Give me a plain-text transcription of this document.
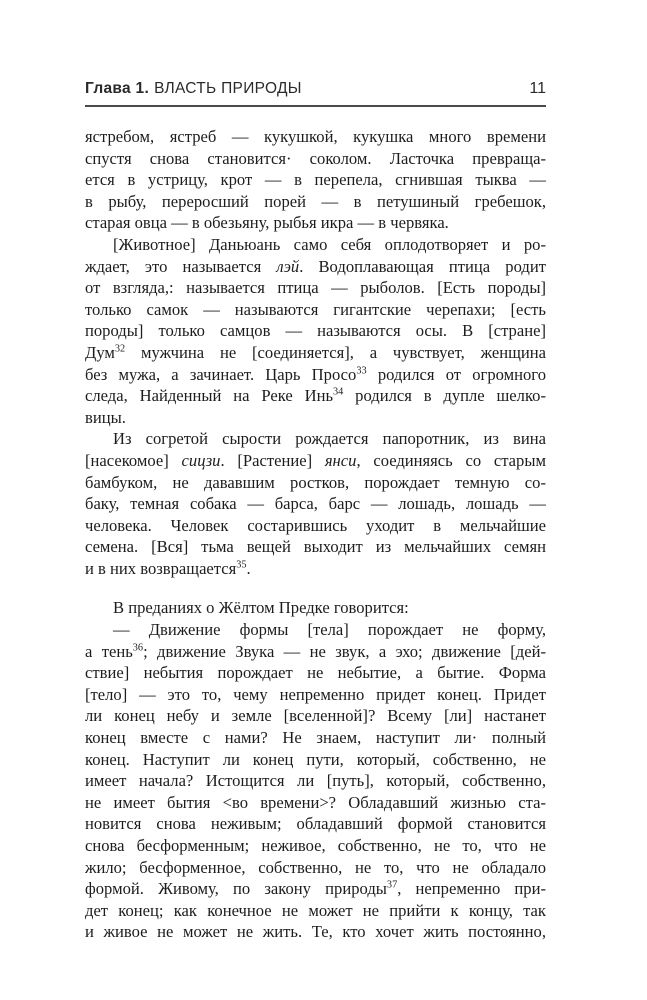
Глава 1. ВЛАСТЬ ПРИРОДЫ	11
ястребом, ястреб — кукушкой, кукушка много времени
спустя снова становится· соколом. Ласточка превраща-
ется в устрицу, крот — в перепела, сгнившая тыква —
в рыбу, переросший порей — в петушиный гребешок,
старая овца — в обезьяну, рыбья икра — в червяка.
[Животное] Даньюань само себя оплодотворяет и ро-
ждает, это называется лэй. Водоплавающая птица родит
от взгляда,: называется птица — рыболов. [Есть породы]
только самок — называются гигантские черепахи; [есть
породы] только самцов — называются осы. В [стране]
Дум$^{32}$ мужчина не [соединяется], а чувствует, женщина
без мужа, а зачинает. Царь Просо$^{33}$ родился от огромного
следа, Найденный на Реке Инь$^{34}$ родился в дупле шелко-
вицы.
Из согретой сырости рождается папоротник, из вина
[насекомое] сицзи. [Растение] янси, соединяясь со старым
бамбуком, не дававшим ростков, порождает темную со-
баку, темная собака — барса, барс — лошадь, лошадь —
человека. Человек состарившись уходит в мельчайшие
семена. [Вся] тьма вещей выходит из мельчайших семян
и в них возвращается$^{35}$.
В преданиях о Жёлтом Предке говорится:
— Движение формы [тела] порождает не форму,
а тень$^{36}$; движение Звука — не звук, а эхо; движение [дей-
ствие] небытия порождает не небытие, а бытие. Форма
[тело] — это то, чему непременно придет конец. Придет
ли конец небу и земле [вселенной]? Всему [ли] настанет
конец вместе с нами? Не знаем, наступит ли· полный
конец. Наступит ли конец пути, который, собственно, не
имеет начала? Истощится ли [путь], который, собственно,
не имеет бытия <во времени>? Обладавший жизнью ста-
новится снова неживым; обладавший формой становится
снова бесформенным; неживое, собственно, не то, что не
жило; бесформенное, собственно, не то, что не обладало
формой. Живому, по закону природы$^{37}$, непременно при-
дет конец; как конечное не может не прийти к концу, так
и живое не может не жить. Те, кто хочет жить постоянно,
